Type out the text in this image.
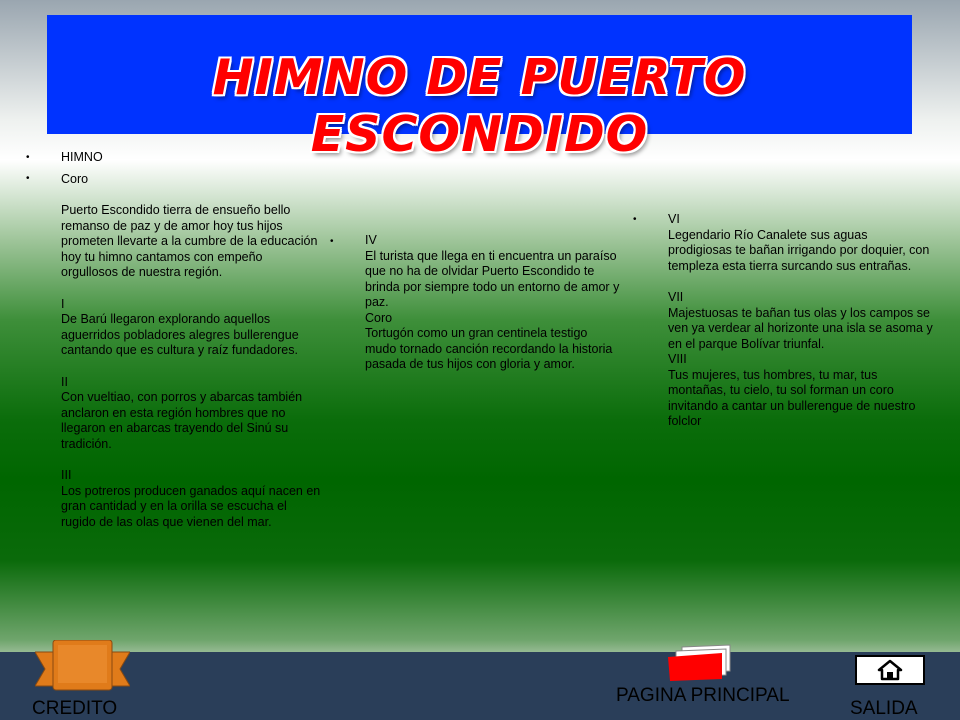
HIMNO DE PUERTO ESCONDIDO
•
•

HIMNO

Coro

Puerto Escondido tierra de ensueño bello remanso de paz y de amor hoy tus hijos prometen llevarte a la cumbre de la educación hoy tu himno cantamos con empeño orgullosos de nuestra región.

I

De Barú llegaron explorando aquellos aguerridos pobladores alegres bullerengue cantando que es cultura y raíz fundadores.

II

Con vueltiao, con porros y abarcas también anclaron en esta región hombres que no llegaron en abarcas trayendo del Sinú su tradición.

III

Los potreros producen ganados aquí nacen en gran cantidad y en la orilla se escucha el rugido de las olas que vienen del mar.

•	IV

El turista que llega en ti encuentra un paraíso que no ha de olvidar Puerto Escondido te brinda por siempre todo un entorno de amor y paz.

Coro

Tortugón como un gran centinela testigo mudo tornado canción recordando la historia pasada de tus hijos con gloria y amor.

•	VI

Legendario Río Canalete sus aguas prodigiosas te bañan irrigando por doquier, con templeza esta tierra surcando sus entrañas.

VII

Majestuosas te bañan tus olas y los campos se ven ya verdear al horizonte una isla se asoma y en el parque Bolívar triunfal.

VIII

Tus mujeres, tus hombres, tu mar, tus montañas, tu cielo, tu sol forman un coro invitando a cantar un bullerengue de nuestro folclor

CREDITO
PAGINA PRINCIPAL
SALIDA
